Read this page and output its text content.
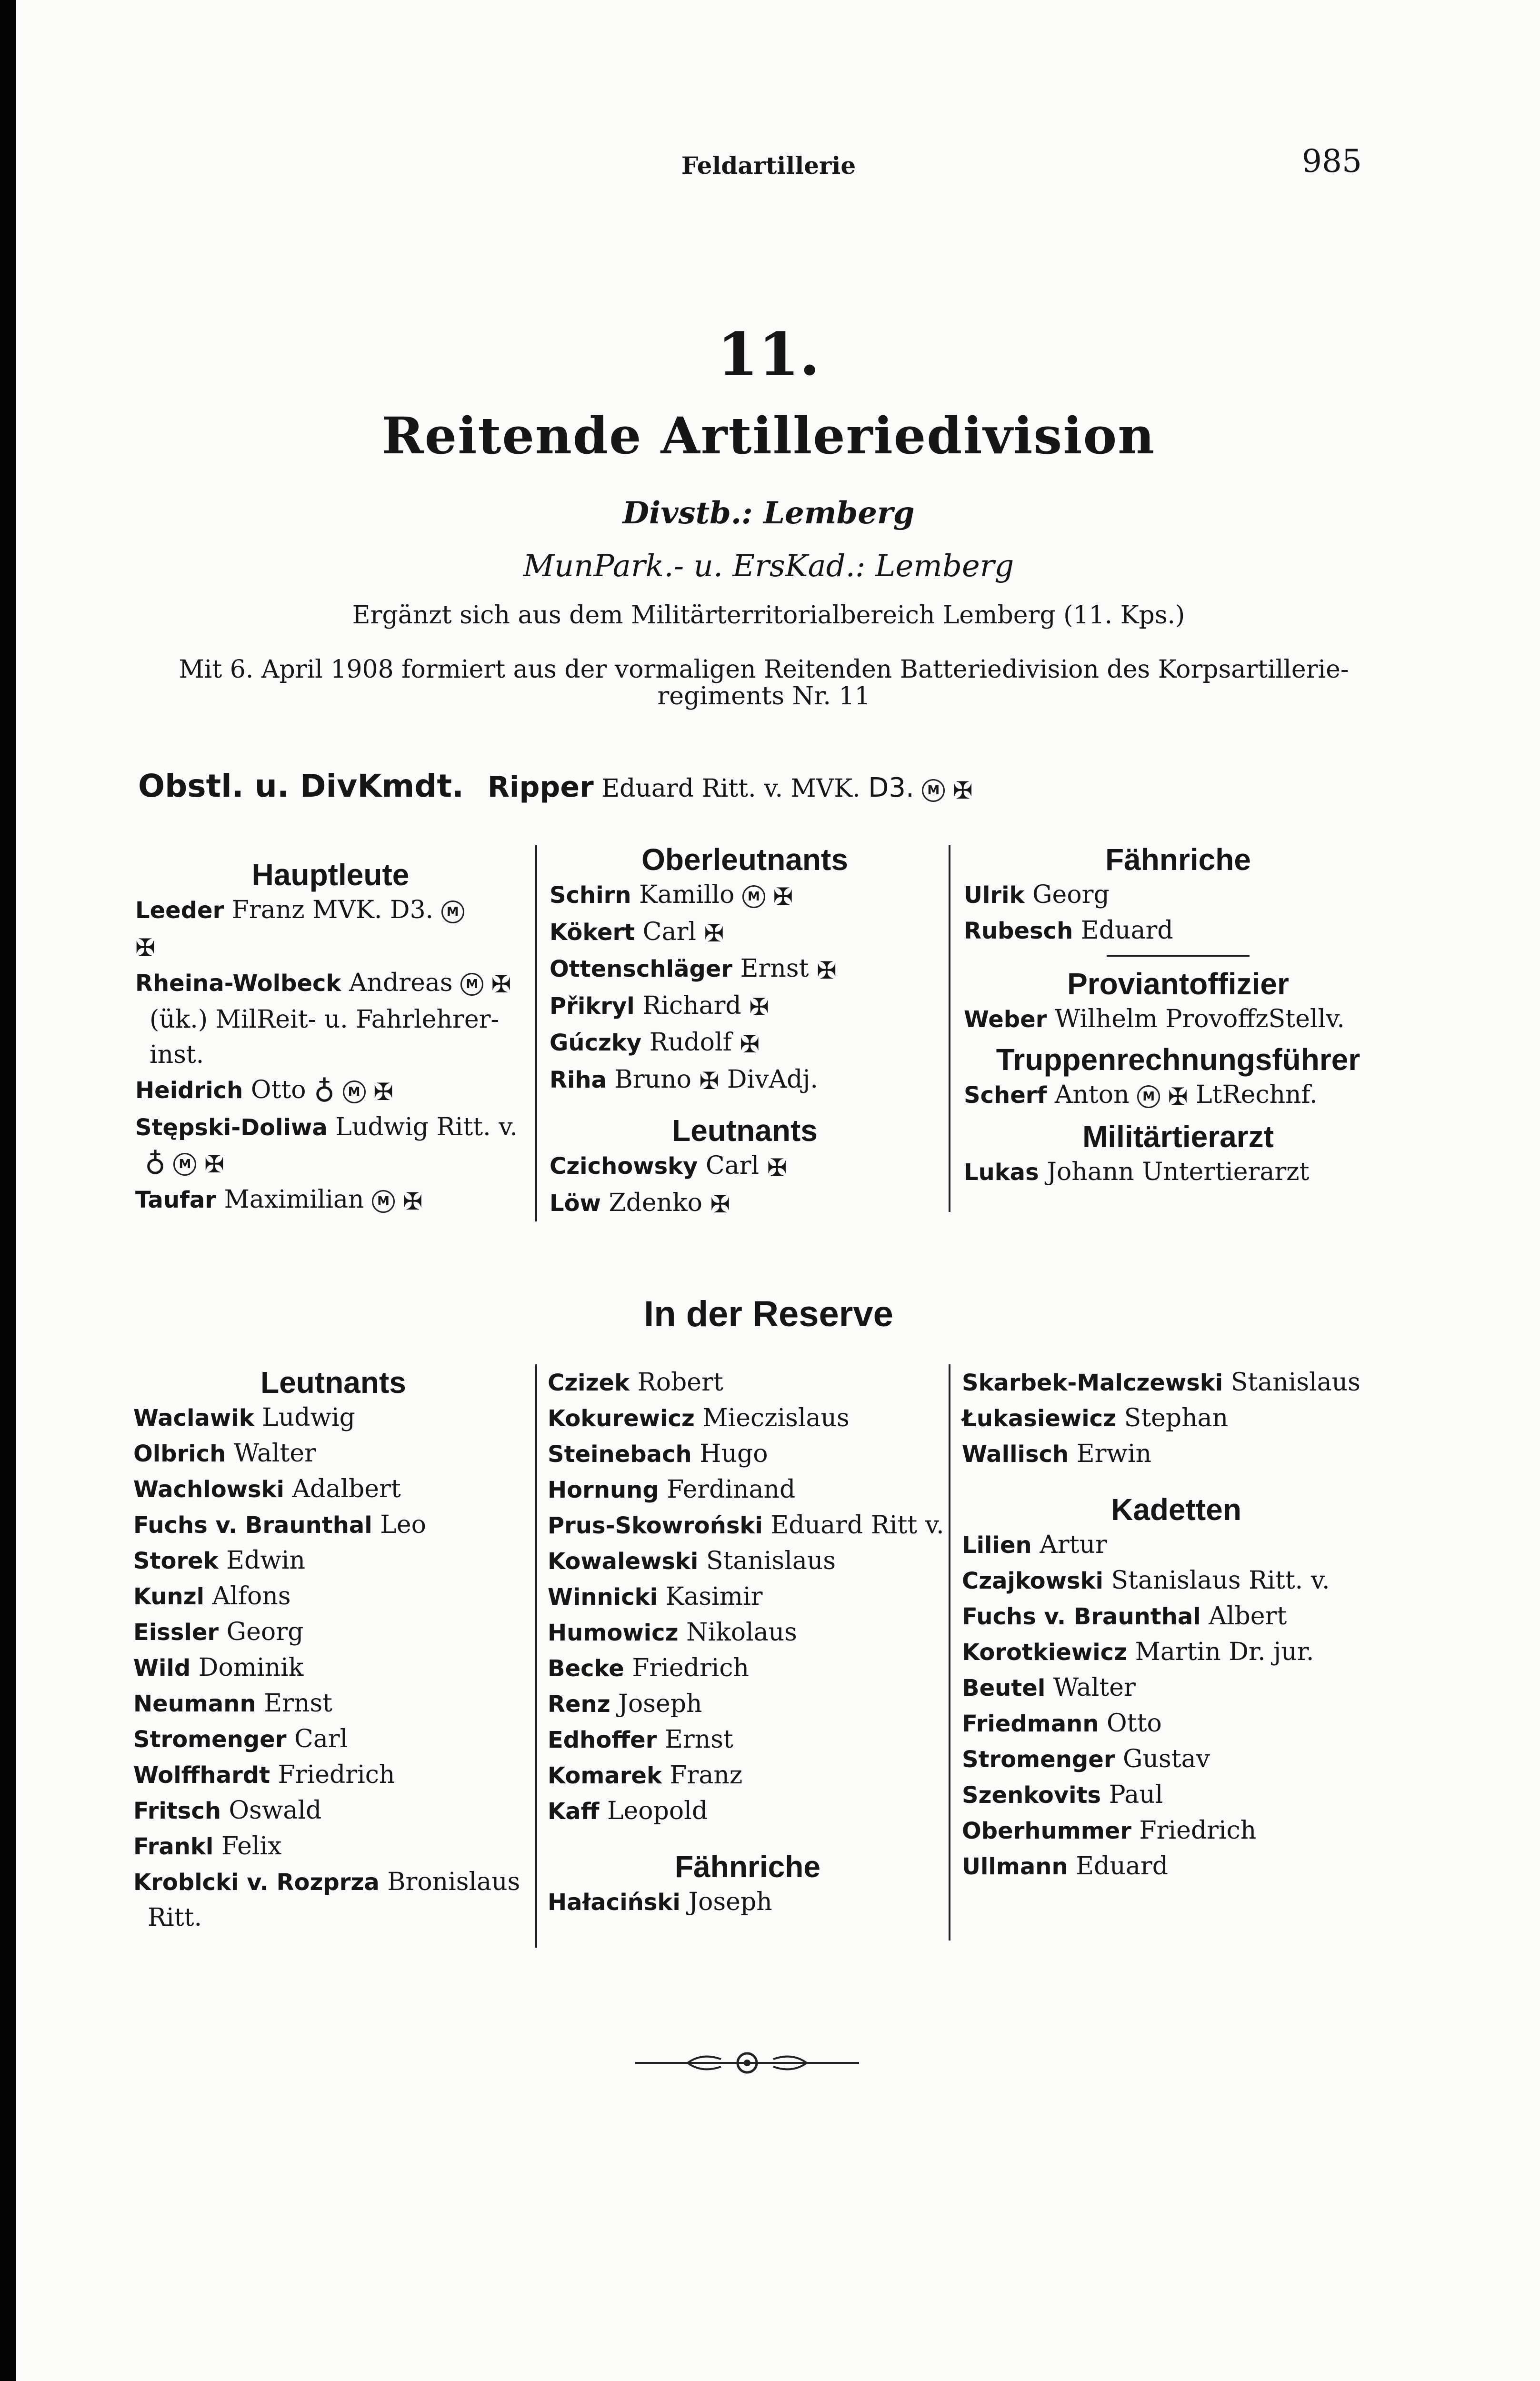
Feldartillerie	985
11.
Reitende Artilleriedivision
Divstb.: Lemberg
MunPark.- u. ErsKad.: Lemberg
Ergänzt sich aus dem Militärterritorialbereich Lemberg (11. Kps.)
Mit 6. April 1908 formiert aus der vormaligen Reitenden Batteriedivision des Korpsartillerie-regiments Nr. 11
Obstl. u. DivKmdt. Ripper Eduard Ritt. v. MVK. D3. M ✠
Hauptleute
Leeder Franz MVK. D3. M
✠
Rheina-Wolbeck Andreas M ✠
(ük.) MilReit- u. Fahrlehrer-
inst.
Heidrich Otto ♁ M ✠
Stępski-Doliwa Ludwig Ritt. v.
♁ M ✠
Taufar Maximilian M ✠
Oberleutnants
Schirn Kamillo M ✠
Kökert Carl ✠
Ottenschläger Ernst ✠
Přikryl Richard ✠
Gúczky Rudolf ✠
Riha Bruno ✠ DivAdj.
Leutnants
Czichowsky Carl ✠
Löw Zdenko ✠
Fähnriche
Ulrik Georg
Rubesch Eduard
Proviantoffizier
Weber Wilhelm ProvoffzStellv.
Truppenrechnungsführer
Scherf Anton M ✠ LtRechnf.
Militärtierarzt
Lukas Johann Untertierarzt
In der Reserve
Leutnants
Waclawik Ludwig
Olbrich Walter
Wachlowski Adalbert
Fuchs v. Braunthal Leo
Storek Edwin
Kunzl Alfons
Eissler Georg
Wild Dominik
Neumann Ernst
Stromenger Carl
Wolffhardt Friedrich
Fritsch Oswald
Frankl Felix
Kroblcki v. Rozprza Bronislaus
Ritt.
Czizek Robert
Kokurewicz Mieczislaus
Steinebach Hugo
Hornung Ferdinand
Prus-Skowroński Eduard Ritt v.
Kowalewski Stanislaus
Winnicki Kasimir
Humowicz Nikolaus
Becke Friedrich
Renz Joseph
Edhoffer Ernst
Komarek Franz
Kaff Leopold
Fähnriche
Hałaciński Joseph
Skarbek-Malczewski Stanislaus
Łukasiewicz Stephan
Wallisch Erwin
Kadetten
Lilien Artur
Czajkowski Stanislaus Ritt. v.
Fuchs v. Braunthal Albert
Korotkiewicz Martin Dr. jur.
Beutel Walter
Friedmann Otto
Stromenger Gustav
Szenkovits Paul
Oberhummer Friedrich
Ullmann Eduard
